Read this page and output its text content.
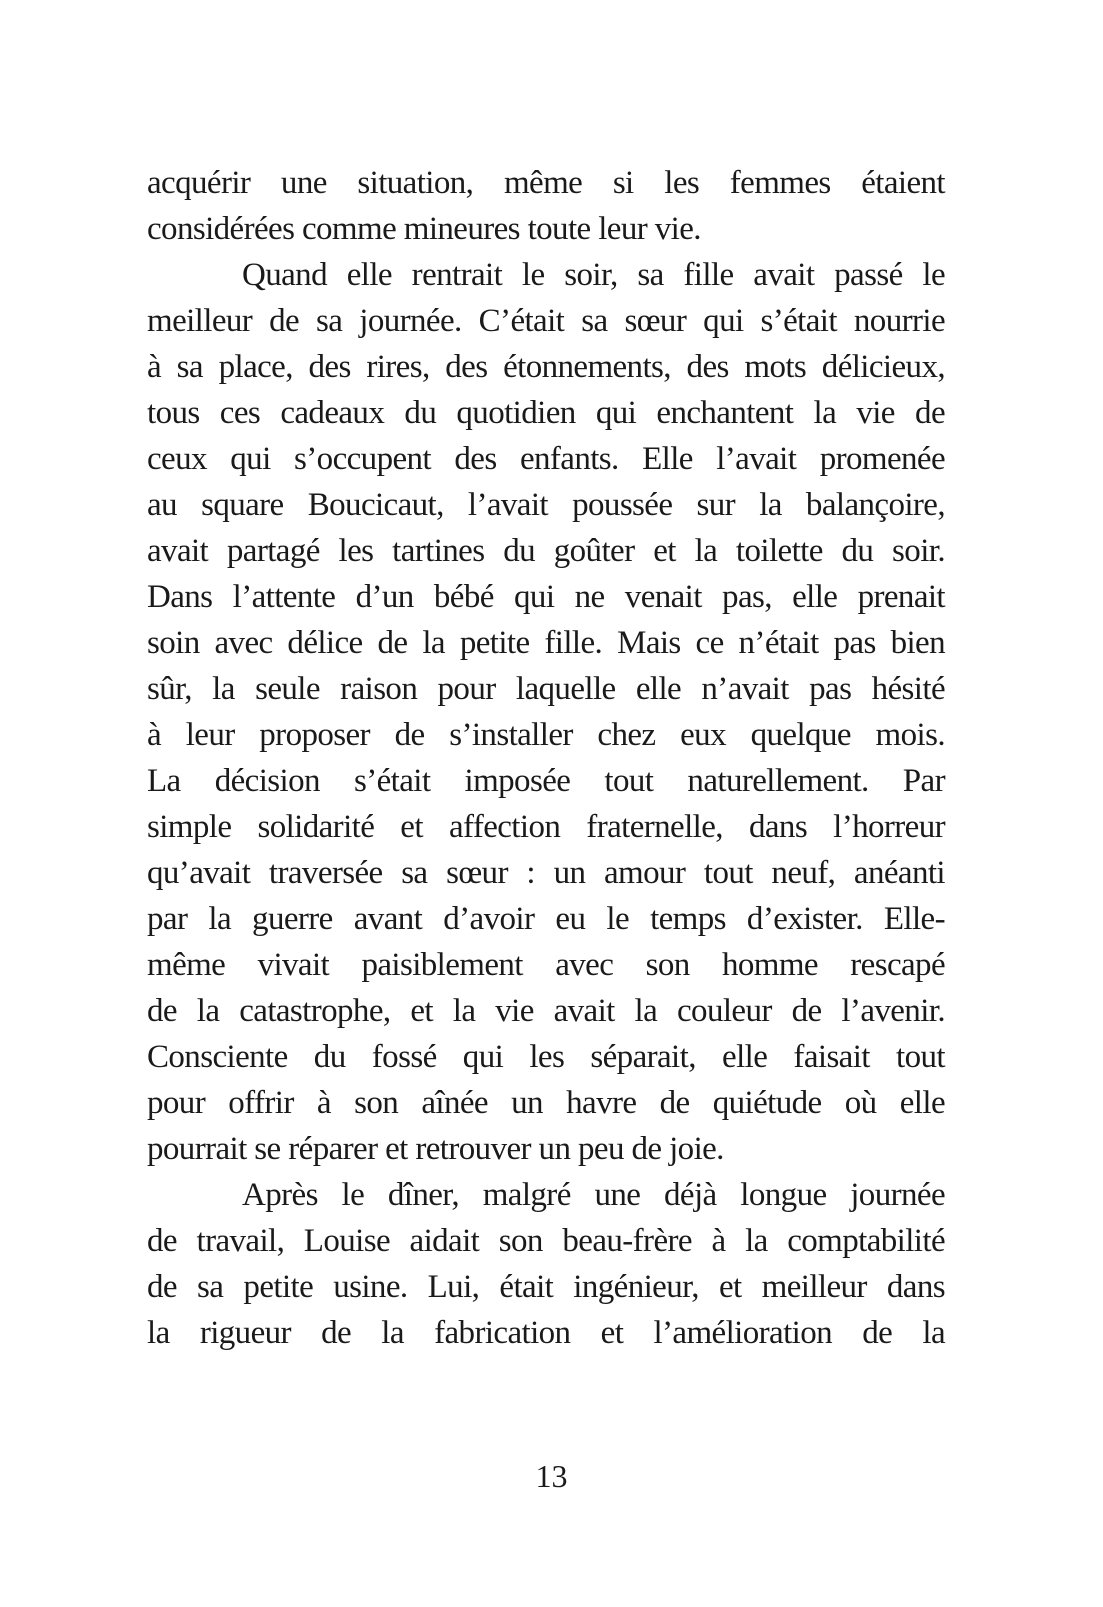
acquérir une situation, même si les femmes étaient
considérées comme mineures toute leur vie.
Quand elle rentrait le soir, sa fille avait passé le
meilleur de sa journée. C’était sa sœur qui s’était nourrie
à sa place, des rires, des étonnements, des mots délicieux,
tous ces cadeaux du quotidien qui enchantent la vie de
ceux qui s’occupent des enfants. Elle l’avait promenée
au square Boucicaut, l’avait poussée sur la balançoire,
avait partagé les tartines du goûter et la toilette du soir.
Dans l’attente d’un bébé qui ne venait pas, elle prenait
soin avec délice de la petite fille. Mais ce n’était pas bien
sûr, la seule raison pour laquelle elle n’avait pas hésité
à leur proposer de s’installer chez eux quelque mois.
La décision s’était imposée tout naturellement. Par
simple solidarité et affection fraternelle, dans l’horreur
qu’avait traversée sa sœur : un amour tout neuf, anéanti
par la guerre avant d’avoir eu le temps d’exister. Elle-
même vivait paisiblement avec son homme rescapé
de la catastrophe, et la vie avait la couleur de l’avenir.
Consciente du fossé qui les séparait, elle faisait tout
pour offrir à son aînée un havre de quiétude où elle
pourrait se réparer et retrouver un peu de joie.
Après le dîner, malgré une déjà longue journée
de travail, Louise aidait son beau-frère à la comptabilité
de sa petite usine. Lui, était ingénieur, et meilleur dans
la rigueur de la fabrication et l’amélioration de la
13
